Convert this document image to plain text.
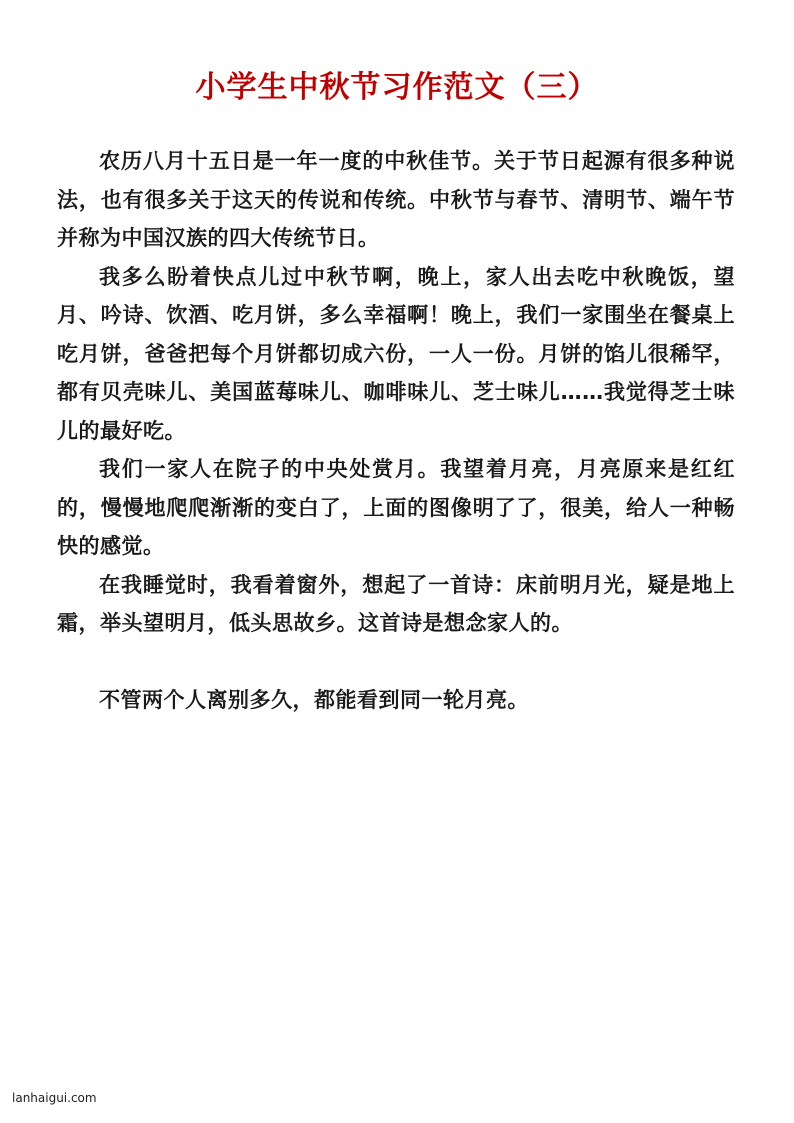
小学生中秋节习作范文（三）

农历八月十五日是一年一度的中秋佳节。关于节日起源有很多种说法，也有很多关于这天的传说和传统。中秋节与春节、清明节、端午节并称为中国汉族的四大传统节日。

我多么盼着快点儿过中秋节啊，晚上，家人出去吃中秋晚饭，望月、吟诗、饮酒、吃月饼，多么幸福啊！晚上，我们一家围坐在餐桌上吃月饼，爸爸把每个月饼都切成六份，一人一份。月饼的馅儿很稀罕，都有贝壳味儿、美国蓝莓味儿、咖啡味儿、芝士味儿……我觉得芝士味儿的最好吃。

我们一家人在院子的中央处赏月。我望着月亮，月亮原来是红红的，慢慢地爬爬渐渐的变白了，上面的图像明了了，很美，给人一种畅快的感觉。

在我睡觉时，我看着窗外，想起了一首诗：床前明月光，疑是地上霜，举头望明月，低头思故乡。这首诗是想念家人的。

不管两个人离别多久，都能看到同一轮月亮。

lanhaigui.com
